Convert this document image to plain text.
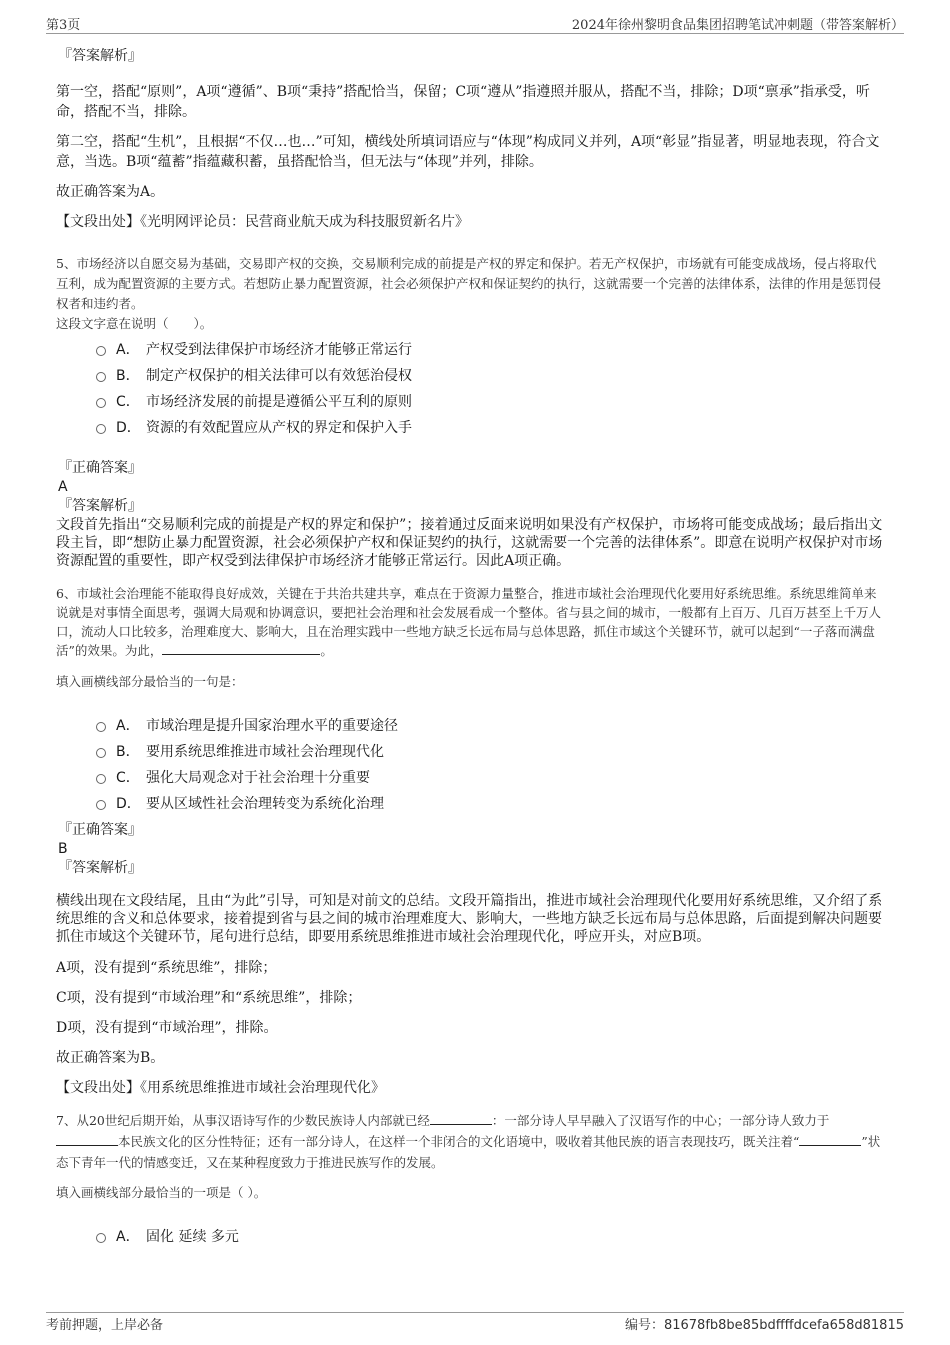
第3页	2024年徐州黎明食品集团招聘笔试冲刺题（带答案解析）

『答案解析』

第一空，搭配“原则”，A项“遵循”、B项“秉持”搭配恰当，保留；C项“遵从”指遵照并服从，搭配不当，排除；D项“禀承”指承受，听命，搭配不当，排除。

第二空，搭配“生机”，且根据“不仅…也…”可知，横线处所填词语应与“体现”构成同义并列，A项“彰显”指显著，明显地表现，符合文意，当选。B项“蕴蓄”指蕴藏积蓄，虽搭配恰当，但无法与“体现”并列，排除。

故正确答案为A。

【文段出处】《光明网评论员：民营商业航天成为科技服贸新名片》

5、市场经济以自愿交易为基础，交易即产权的交换，交易顺利完成的前提是产权的界定和保护。若无产权保护，市场就有可能变成战场，侵占将取代互利，成为配置资源的主要方式。若想防止暴力配置资源，社会必须保护产权和保证契约的执行，这就需要一个完善的法律体系，法律的作用是惩罚侵权者和违约者。

这段文字意在说明（　　）。

A． 产权受到法律保护市场经济才能够正常运行
B． 制定产权保护的相关法律可以有效惩治侵权
C． 市场经济发展的前提是遵循公平互利的原则
D． 资源的有效配置应从产权的界定和保护入手

『正确答案』

A

『答案解析』

文段首先指出“交易顺利完成的前提是产权的界定和保护”；接着通过反面来说明如果没有产权保护，市场将可能变成战场；最后指出文段主旨，即“想防止暴力配置资源，社会必须保护产权和保证契约的执行，这就需要一个完善的法律体系”。即意在说明产权保护对市场资源配置的重要性，即产权受到法律保护市场经济才能够正常运行。因此A项正确。

6、市域社会治理能不能取得良好成效，关键在于共治共建共享，难点在于资源力量整合，推进市域社会治理现代化要用好系统思维。系统思维简单来说就是对事情全面思考，强调大局观和协调意识，要把社会治理和社会发展看成一个整体。省与县之间的城市，一般都有上百万、几百万甚至上千万人口，流动人口比较多，治理难度大、影响大，且在治理实践中一些地方缺乏长远布局与总体思路，抓住市域这个关键环节，就可以起到“一子落而满盘活”的效果。为此，	。

填入画横线部分最恰当的一句是：

A． 市域治理是提升国家治理水平的重要途径
B． 要用系统思维推进市域社会治理现代化
C． 强化大局观念对于社会治理十分重要
D． 要从区域性社会治理转变为系统化治理

『正确答案』

B

『答案解析』

横线出现在文段结尾，且由“为此”引导，可知是对前文的总结。文段开篇指出，推进市域社会治理现代化要用好系统思维，又介绍了系统思维的含义和总体要求，接着提到省与县之间的城市治理难度大、影响大，一些地方缺乏长远布局与总体思路，后面提到解决问题要抓住市域这个关键环节，尾句进行总结，即要用系统思维推进市域社会治理现代化，呼应开头，对应B项。

A项，没有提到“系统思维”，排除；

C项，没有提到“市域治理”和“系统思维”，排除；

D项，没有提到“市域治理”，排除。

故正确答案为B。

【文段出处】《用系统思维推进市域社会治理现代化》

7、从20世纪后期开始，从事汉语诗写作的少数民族诗人内部就已经	：一部分诗人早早融入了汉语写作的中心；一部分诗人致力于本民族文化的区分性特征；还有一部分诗人，在这样一个非闭合的文化语境中，吸收着其他民族的语言表现技巧，既关注着“	”状态下青年一代的情感变迁，又在某种程度致力于推进民族写作的发展。

填入画横线部分最恰当的一项是（ ）。

A． 固化 延续 多元
考前押题，上岸必备	编号：81678fb8be85bdffffdcefa658d81815
